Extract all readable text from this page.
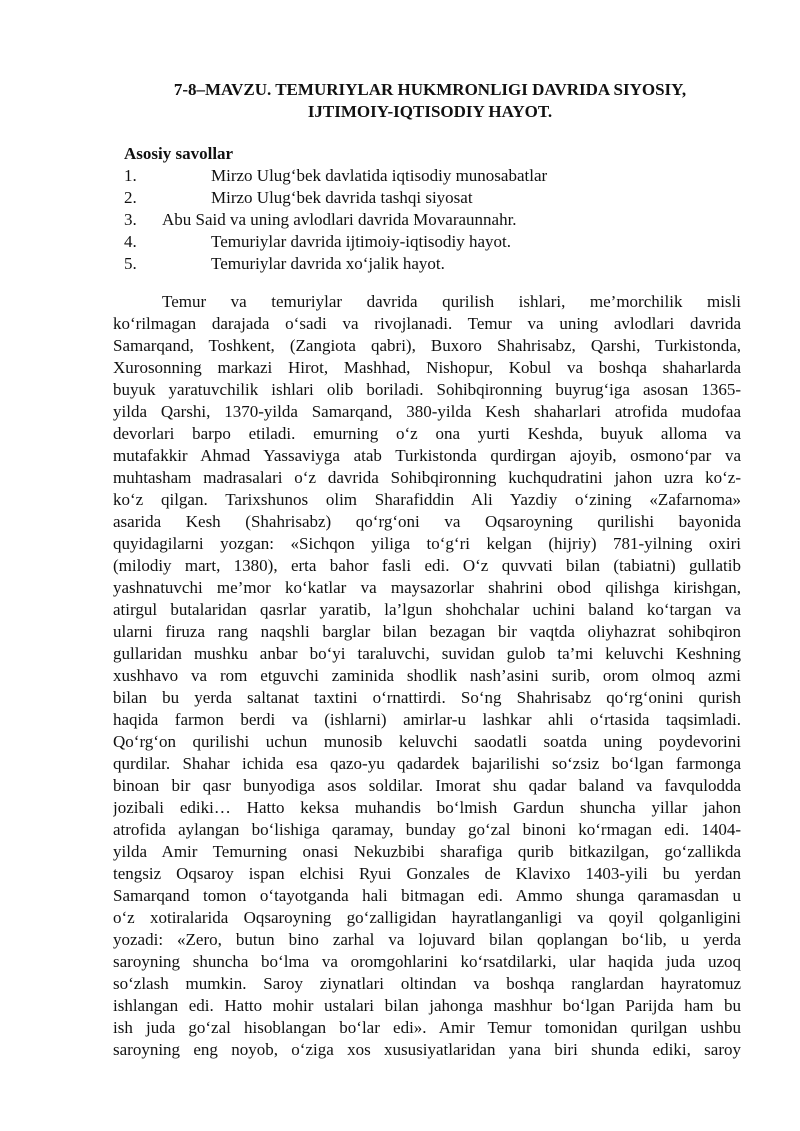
7-8–MAVZU. TEMURIYLAR HUKMRONLIGI DAVRIDA SIYOSIY,
IJTIMOIY-IQTISODIY HAYOT.
Asosiy savollar
1.	Mirzo Ulug‘bek davlatida iqtisodiy munosabatlar
2.	Mirzo Ulug‘bek davrida tashqi siyosat
3. Abu Said va uning avlodlari davrida Movaraunnahr.
4.	Temuriylar davrida ijtimoiy-iqtisodiy hayot.
5.	Temuriylar davrida xo‘jalik hayot.
Temur va temuriylar davrida qurilish ishlari, me’morchilik misli
ko‘rilmagan darajada o‘sadi va rivojlanadi. Temur va uning avlodlari davrida
Samarqand, Toshkent, (Zangiota qabri), Buxoro Shahrisabz, Qarshi, Turkistonda,
Xurosonning markazi Hirot, Mashhad, Nishopur, Kobul va boshqa shaharlarda
buyuk yaratuvchilik ishlari olib boriladi. Sohibqironning buyrug‘iga asosan 1365-
yilda Qarshi, 1370-yilda Samarqand, 380-yilda Kesh shaharlari atrofida mudofaa
devorlari barpo etiladi. emurning o‘z ona yurti Keshda, buyuk alloma va
mutafakkir Ahmad Yassaviyga atab Turkistonda qurdirgan ajoyib, osmono‘par va
muhtasham madrasalari o‘z davrida Sohibqironning kuchqudratini jahon uzra ko‘z-
ko‘z qilgan. Tarixshunos olim Sharafiddin Ali Yazdiy o‘zining «Zafarnoma»
asarida Kesh (Shahrisabz) qo‘rg‘oni va Oqsaroyning qurilishi bayonida
quyidagilarni yozgan: «Sichqon yiliga to‘g‘ri kelgan (hijriy) 781-yilning oxiri
(milodiy mart, 1380), erta bahor fasli edi. O‘z quvvati bilan (tabiatni) gullatib
yashnatuvchi me’mor ko‘katlar va maysazorlar shahrini obod qilishga kirishgan,
atirgul butalaridan qasrlar yaratib, la’lgun shohchalar uchini baland ko‘targan va
ularni firuza rang naqshli barglar bilan bezagan bir vaqtda oliyhazrat sohibqiron
gullaridan mushku anbar bo‘yi taraluvchi, suvidan gulob ta’mi keluvchi Keshning
xushhavo va rom etguvchi zaminida shodlik nash’asini surib, orom olmoq azmi
bilan bu yerda saltanat taxtini o‘rnattirdi. So‘ng Shahrisabz qo‘rg‘onini qurish
haqida farmon berdi va (ishlarni) amirlar-u lashkar ahli o‘rtasida taqsimladi.
Qo‘rg‘on qurilishi uchun munosib keluvchi saodatli soatda uning poydevorini
qurdilar. Shahar ichida esa qazo-yu qadardek bajarilishi so‘zsiz bo‘lgan farmonga
binoan bir qasr bunyodiga asos soldilar. Imorat shu qadar baland va favqulodda
jozibali ediki… Hatto keksa muhandis bo‘lmish Gardun shuncha yillar jahon
atrofida aylangan bo‘lishiga qaramay, bunday go‘zal binoni ko‘rmagan edi. 1404-
yilda Amir Temurning onasi Nekuzbibi sharafiga qurib bitkazilgan, go‘zallikda
tengsiz Oqsaroy ispan elchisi Ryui Gonzales de Klavixo 1403-yili bu yerdan
Samarqand tomon o‘tayotganda hali bitmagan edi. Ammo shunga qaramasdan u
o‘z xotiralarida Oqsaroyning go‘zalligidan hayratlanganligi va qoyil qolganligini
yozadi: «Zero, butun bino zarhal va lojuvard bilan qoplangan bo‘lib, u yerda
saroyning shuncha bo‘lma va oromgohlarini ko‘rsatdilarki, ular haqida juda uzoq
so‘zlash mumkin. Saroy ziynatlari oltindan va boshqa ranglardan hayratomuz
ishlangan edi. Hatto mohir ustalari bilan jahonga mashhur bo‘lgan Parijda ham bu
ish juda go‘zal hisoblangan bo‘lar edi». Amir Temur tomonidan qurilgan ushbu
saroyning eng noyob, o‘ziga xos xususiyatlaridan yana biri shunda ediki, saroy
